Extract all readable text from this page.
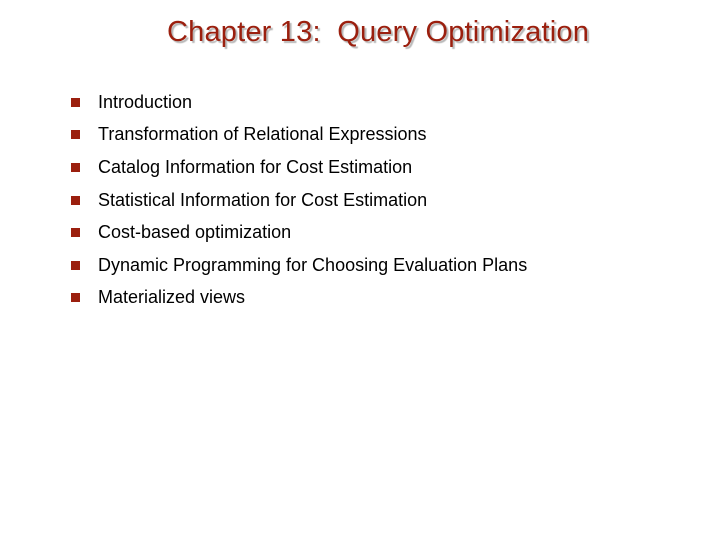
Chapter 13:  Query Optimization
Introduction
Transformation of Relational Expressions
Catalog Information for Cost Estimation
Statistical Information for Cost Estimation
Cost-based optimization
Dynamic Programming for Choosing Evaluation Plans
Materialized views
